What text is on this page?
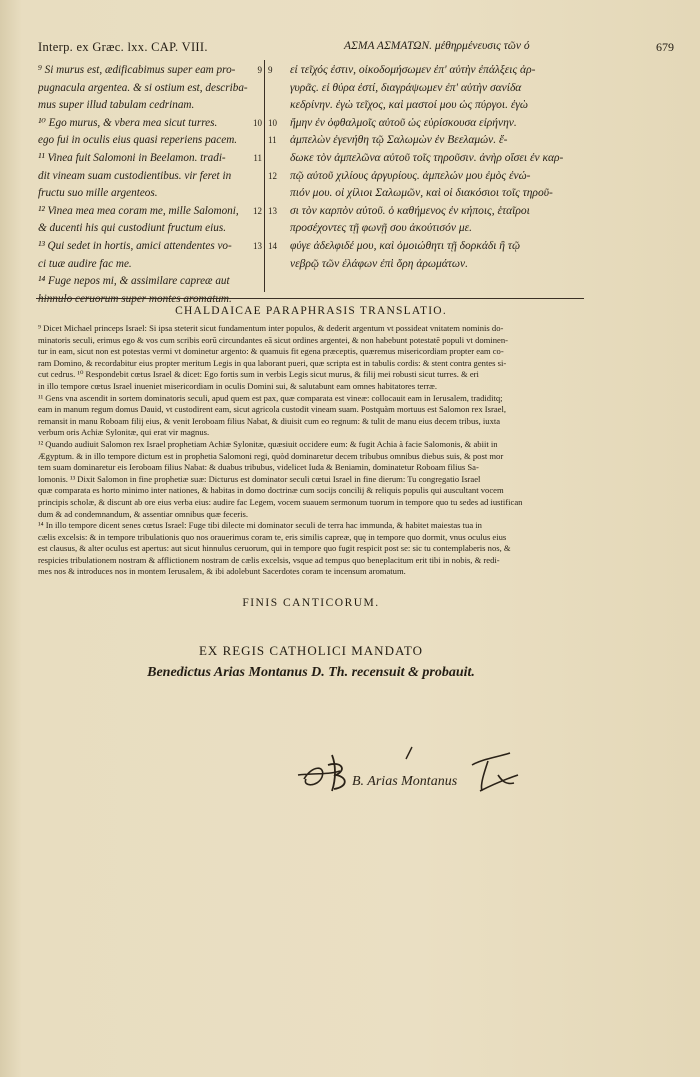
Interp. ex Græc. lxx. CAP. VIII.	ΑΣΜΑ ΑΣΜΑΤΩΝ. μέθηρμένευσις τῶν ό	679
⁹ Si murus est, ædificabimus super eam pro-
pugnacula argentea. & si ostium est, describa-
mus super illud tabulam cedrinam.
¹⁰ Ego murus, & vbera mea sicut turres.
ego fui in oculis eius quasi reperiens pacem.
¹¹ Vinea fuit Salomoni in Beelamon. tradi-
dit vineam suam custodientibus. vir feret in
fructu suo mille argenteos.
¹² Vinea mea mea coram me, mille Salomoni,
& ducenti his qui custodiunt fructum eius.
¹³ Qui sedet in hortis, amici attendentes vo-
ci tuæ audire fac me.
¹⁴ Fuge nepos mi, & assimilare capreæ aut
9
10
11
12
13
9
10
11
12
13
14
εἰ τεῖχός ἐστιν, οἰκοδομήσωμεν ἐπ' αὐτὴν ἐπάλξεις ἀρ-
γυρᾶς. εἰ θύρα ἐστί, διαγράψωμεν ἐπ' αὐτὴν σανίδα
κεδρίνην. ἐγὼ τεῖχος, καὶ μαστοί μου ὡς πύργοι. ἐγὼ
ἤμην ἐν ὀφθαλμοῖς αὐτοῦ ὡς εὑρίσκουσα εἰρήνην.
ἀμπελὼν ἐγενήθη τῷ Σαλωμὼν ἐν Βεελαμών. ἔ-
δωκε τὸν ἀμπελῶνα αὐτοῦ τοῖς τηροῦσιν. ἀνὴρ οἴσει ἐν καρ-
πῷ αὐτοῦ χιλίους ἀργυρίους. ἀμπελών μου ἐμὸς ἐνώ-
πιόν μου. οἱ χίλιοι Σαλωμῶν, καὶ οἱ διακόσιοι τοῖς τηροῦ-
σι τὸν καρπὸν αὐτοῦ. ὁ καθήμενος ἐν κήποις, ἑταῖροι
προσέχοντες τῇ φωνῇ σου ἀκούτισόν με.
φύγε ἀδελφιδέ μου, καὶ ὁμοιώθητι τῇ δορκάδι ἢ τῷ
νεβρῷ τῶν ἐλάφων ἐπὶ ὄρη ἀρωμάτων.
CHALDAICAE PARAPHRASIS TRANSLATIO.
⁹ Dicet Michael princeps Israel: Si ipsa steterit sicut fundamentum inter populos, & dederit argentum vt possideat vnitatem nominis do-
minatoris seculi, erimus ego & vos cum scribis eorū circundantes eā sicut ordines argentei, & non habebunt potestatē populi vt dominen-
tur in eam, sicut non est potestas vermi vt dominetur argento: & quamuis fit egena præceptis, quæremus misericordiam propter eam co-
ram Domino, & recordabitur eius propter meritum Legis in qua laborant pueri, quæ scripta est in tabulis cordis: & stent contra gentes si-
cut cedrus. ¹⁰ Respondebit cœtus Israel & dicet: Ego fortis sum in verbis Legis sicut murus, & filij mei robusti sicut turres. & eri
in illo tempore cœtus Israel inueniet misericordiam in oculis Domini sui, & salutabunt eam omnes habitatores terræ.
¹¹ Gens vna ascendit in sortem dominatoris seculi, apud quem est pax, quæ comparata est vineæ: collocauit eam in Ierusalem, tradiditq;
eam in manum regum domus Dauid, vt custodirent eam, sicut agricola custodit vineam suam. Postquàm mortuus est Salomon rex Israel,
remansit in manu Roboam filij eius, & venit Ieroboam filius Nabat, & diuisit cum eo regnum: & tulit de manu eius decem tribus, iuxta
verbum oris Achiæ Sylonitæ, qui erat vir magnus.
¹² Quando audiuit Salomon rex Israel prophetiam Achiæ Sylonitæ, quæsiuit occidere eum: & fugit Achia à facie Salomonis, & abiit in
Ægyptum. & in illo tempore dictum est in prophetia Salomoni regi, quòd dominaretur decem tribubus omnibus diebus suis, & post mor
tem suam dominaretur eis Ieroboam filius Nabat: & duabus tribubus, videlicet Iuda & Beniamin, dominatetur Roboam filius Sa-
lomonis. ¹³ Dixit Salomon in fine prophetiæ suæ: Dicturus est dominator seculi cœtui Israel in fine dierum: Tu congregatio Israel
quæ comparata es horto minimo inter nationes, & habitas in domo doctrinæ cum socijs concilij & reliquis populis qui auscultant vocem
principis scholæ, & discunt ab ore eius verba eius: audire fac Legem, vocem suauem sermonum tuorum in tempore quo tu sedes ad iustifican
dum & ad condemnandum, & assentiar omnibus quæ feceris.
¹⁴ In illo tempore dicent senes cœtus Israel: Fuge tibi dilecte mi dominator seculi de terra hac immunda, & habitet maiestas tua in
cælis excelsis: & in tempore tribulationis quo nos orauerimus coram te, eris similis capreæ, quę in tempore quo dormit, vnus oculus eius
est clausus, & alter oculus est apertus: aut sicut hinnulus ceruorum, qui in tempore quo fugit respicit post se: sic tu contemplaberis nos, &
respicies tribulationem nostram & afflictionem nostram de cælis excelsis, vsque ad tempus quo beneplacitum erit tibi in nobis, & redi-
mes nos & introduces nos in montem Ierusalem, & ibi adolebunt Sacerdotes coram te incensum aromatum.
FINIS CANTICORUM.
EX REGIS CATHOLICI MANDATO
Benedictus Arias Montanus D. Th. recensuit & probauit.
B. Arias Montanus
